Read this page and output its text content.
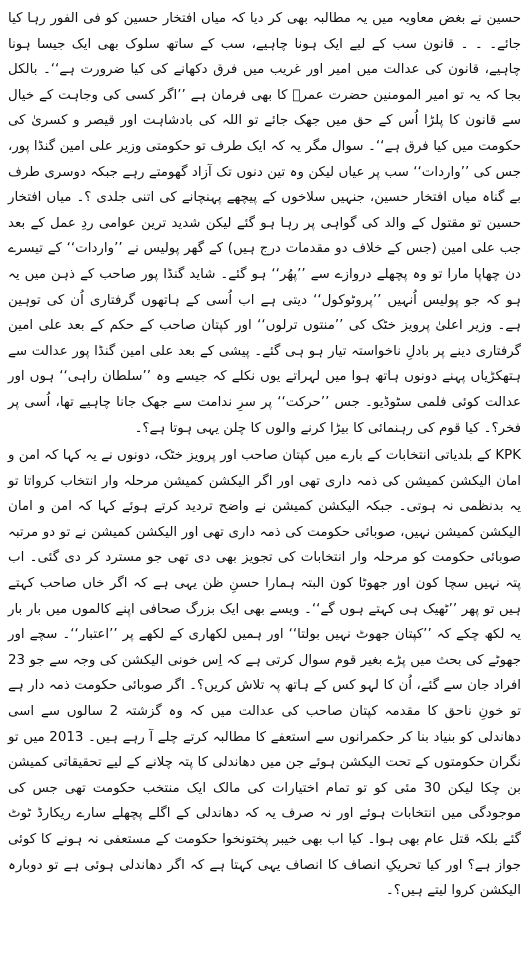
حسین نے بغض معاویہ میں یہ مطالبہ بھی کر دیا کہ میاں افتخار حسین کو فی الفور رہا کیا جائے۔ ۔ ۔ قانون سب کے لیے ایک ہونا چاہیے، سب کے ساتھ سلوک بھی ایک جیسا ہونا چاہیے، قانون کی عدالت میں امیر اور غریب میں فرق دکھانے کی کیا ضرورت ہے‘‘۔ بالکل بجا کہ یہ تو امیر المومنین حضرت عمرؓ کا بھی فرمان ہے ’’اگر کسی کی وجاہت کے خیال سے قانون کا پلڑا اُس کے حق میں جھک جائے تو اللہ کی بادشاہت اور قیصر و کسریٰ کی حکومت میں کیا فرق ہے‘‘۔ سوال مگر یہ کہ ایک طرف تو حکومتی وزیر علی امین گنڈا پور، جس کی ’’واردات‘‘ سب پر عیاں لیکن وہ تین دنوں تک آزاد گھومتے رہے جبکہ دوسری طرف بے گناہ میاں افتخار حسین، جنہیں سلاخوں کے پیچھے پہنچانے کی اتنی جلدی ؟۔ میاں افتخار حسین تو مقتول کے والد کی گواہی پر رہا ہو گئے لیکن شدید ترین عوامی ردِ عمل کے بعد جب علی امین (جس کے خلاف دو مقدمات درج ہیں) کے گھر پولیس نے ’’واردات‘‘ کے تیسرے دن چھاپا مارا تو وہ پچھلے دروازے سے ’’پھُر‘‘ ہو گئے۔ شاید گنڈا پور صاحب کے ذہن میں یہ ہو کہ جو پولیس اُنہیں ’’پروٹوکول‘‘ دیتی ہے اب اُسی کے ہاتھوں گرفتاری اُن کی توہین ہے۔ وزیر اعلیٰ پرویز خٹک کی ’’منتوں ترلوں‘‘ اور کپتان صاحب کے حکم کے بعد علی امین گرفتاری دینے پر بادلِ ناخواستہ تیار ہو ہی گئے۔ پیشی کے بعد علی امین گنڈا پور عدالت سے ہتھکڑیاں پہنے دونوں ہاتھ ہوا میں لہراتے یوں نکلے کہ جیسے وہ ’’سلطان راہی‘‘ ہوں اور عدالت کوئی فلمی سٹوڈیو۔ جس ’’حرکت‘‘ پر سرِ ندامت سے جھک جانا چاہیے تھا، اُسی پر فخر؟۔ کیا قوم کی رہنمائی کا بیڑا کرنے والوں کا چلن یہی ہوتا ہے؟۔

KPK کے بلدیاتی انتخابات کے بارے میں کپتان صاحب اور پرویز خٹک، دونوں نے یہ کہا کہ امن و امان الیکشن کمیشن کی ذمہ داری تھی اور اگر الیکشن کمیشن مرحلہ وار انتخاب کرواتا تو یہ بدنظمی نہ ہوتی۔ جبکہ الیکشن کمیشن نے واضح تردید کرتے ہوئے کہا کہ امن و امان الیکشن کمیشن نہیں، صوبائی حکومت کی ذمہ داری تھی اور الیکشن کمیشن نے تو دو مرتبہ صوبائی حکومت کو مرحلہ وار انتخابات کی تجویز بھی دی تھی جو مسترد کر دی گئی۔ اب پتہ نہیں سچا کون اور جھوٹا کون البتہ ہمارا حسنِ ظن یہی ہے کہ اگر خاں صاحب کہتے ہیں تو پھر ’’ٹھیک ہی کہتے ہوں گے‘‘۔ ویسے بھی ایک بزرگ صحافی اپنے کالموں میں بار بار یہ لکھ چکے کہ ’’کپتان جھوٹ نہیں بولتا‘‘ اور ہمیں لکھاری کے لکھے پر ’’اعتبار‘‘۔ سچے اور جھوٹے کی بحث میں پڑے بغیر قوم سوال کرتی ہے کہ اِس خونی الیکشن کی وجہ سے جو 23 افراد جان سے گئے، اُن کا لہو کس کے ہاتھ پہ تلاش کریں؟۔ اگر صوبائی حکومت ذمہ دار ہے تو خونِ ناحق کا مقدمہ کپتان صاحب کی عدالت میں کہ وہ گزشتہ 2 سالوں سے اسی دھاندلی کو بنیاد بنا کر حکمرانوں سے استعفے کا مطالبہ کرتے چلے آ رہے ہیں۔ 2013 میں تو نگران حکومتوں کے تحت الیکشن ہوئے جن میں دھاندلی کا پتہ چلانے کے لیے تحقیقاتی کمیشن بن چکا لیکن 30 مئی کو تو تمام اختیارات کی مالک ایک منتخب حکومت تھی جس کی موجودگی میں انتخابات ہوئے اور نہ صرف یہ کہ دھاندلی کے اگلے پچھلے سارے ریکارڈ ٹوٹ گئے بلکہ قتل عام بھی ہوا۔ کیا اب بھی خیبر پختونخوا حکومت کے مستعفی نہ ہونے کا کوئی جواز ہے؟ اور کیا تحریکِ انصاف کا انصاف یہی کہتا ہے کہ اگر دھاندلی ہوئی ہے تو دوبارہ الیکشن کروا لیتے ہیں؟۔
